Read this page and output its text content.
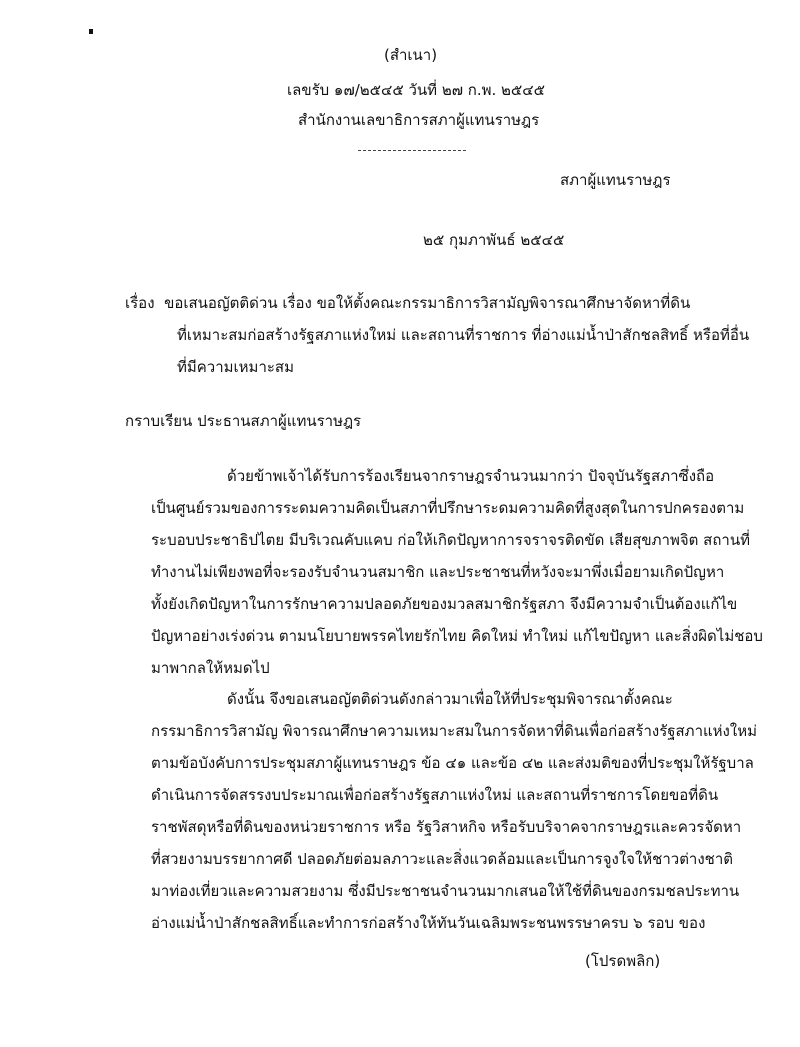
(สำเนา)
เลขรับ ๑๗/๒๕๔๕ วันที่ ๒๗ ก.พ. ๒๕๔๕
สำนักงานเลขาธิการสภาผู้แทนราษฎร
สภาผู้แทนราษฎร
๒๕ กุมภาพันธ์ ๒๕๔๕
เรื่อง ขอเสนอญัตติด่วน เรื่อง ขอให้ตั้งคณะกรรมาธิการวิสามัญพิจารณาศึกษาจัดหาที่ดิน
ที่เหมาะสมก่อสร้างรัฐสภาแห่งใหม่ และสถานที่ราชการ ที่อ่างแม่น้ำป่าสักชลสิทธิ์ หรือที่อื่น
ที่มีความเหมาะสม
กราบเรียน ประธานสภาผู้แทนราษฎร
ด้วยข้าพเจ้าได้รับการร้องเรียนจากราษฎรจำนวนมากว่า ปัจจุบันรัฐสภาซึ่งถือ
เป็นศูนย์รวมของการระดมความคิดเป็นสภาที่ปรึกษาระดมความคิดที่สูงสุดในการปกครองตาม
ระบอบประชาธิปไตย มีบริเวณคับแคบ ก่อให้เกิดปัญหาการจราจรติดขัด เสียสุขภาพจิต สถานที่
ทำงานไม่เพียงพอที่จะรองรับจำนวนสมาชิก และประชาชนที่หวังจะมาพึ่งเมื่อยามเกิดปัญหา
ทั้งยังเกิดปัญหาในการรักษาความปลอดภัยของมวลสมาชิกรัฐสภา จึงมีความจำเป็นต้องแก้ไข
ปัญหาอย่างเร่งด่วน ตามนโยบายพรรคไทยรักไทย คิดใหม่ ทำใหม่ แก้ไขปัญหา และสิ่งผิดไม่ชอบ
มาพากลให้หมดไป
ดังนั้น จึงขอเสนอญัตติด่วนดังกล่าวมาเพื่อให้ที่ประชุมพิจารณาตั้งคณะ
กรรมาธิการวิสามัญ พิจารณาศึกษาความเหมาะสมในการจัดหาที่ดินเพื่อก่อสร้างรัฐสภาแห่งใหม่
ตามข้อบังคับการประชุมสภาผู้แทนราษฎร ข้อ ๔๑ และข้อ ๔๒ และส่งมติของที่ประชุมให้รัฐบาล
ดำเนินการจัดสรรงบประมาณเพื่อก่อสร้างรัฐสภาแห่งใหม่ และสถานที่ราชการโดยขอที่ดิน
ราชพัสดุหรือที่ดินของหน่วยราชการ หรือ รัฐวิสาหกิจ หรือรับบริจาคจากราษฎรและควรจัดหา
ที่สวยงามบรรยากาศดี ปลอดภัยต่อมลภาวะและสิ่งแวดล้อมและเป็นการจูงใจให้ชาวต่างชาติ
มาท่องเที่ยวและความสวยงาม ซึ่งมีประชาชนจำนวนมากเสนอให้ใช้ที่ดินของกรมชลประทาน
อ่างแม่น้ำป่าสักชลสิทธิ์และทำการก่อสร้างให้ทันวันเฉลิมพระชนพรรษาครบ ๖ รอบ ของ
(โปรดพลิก)
